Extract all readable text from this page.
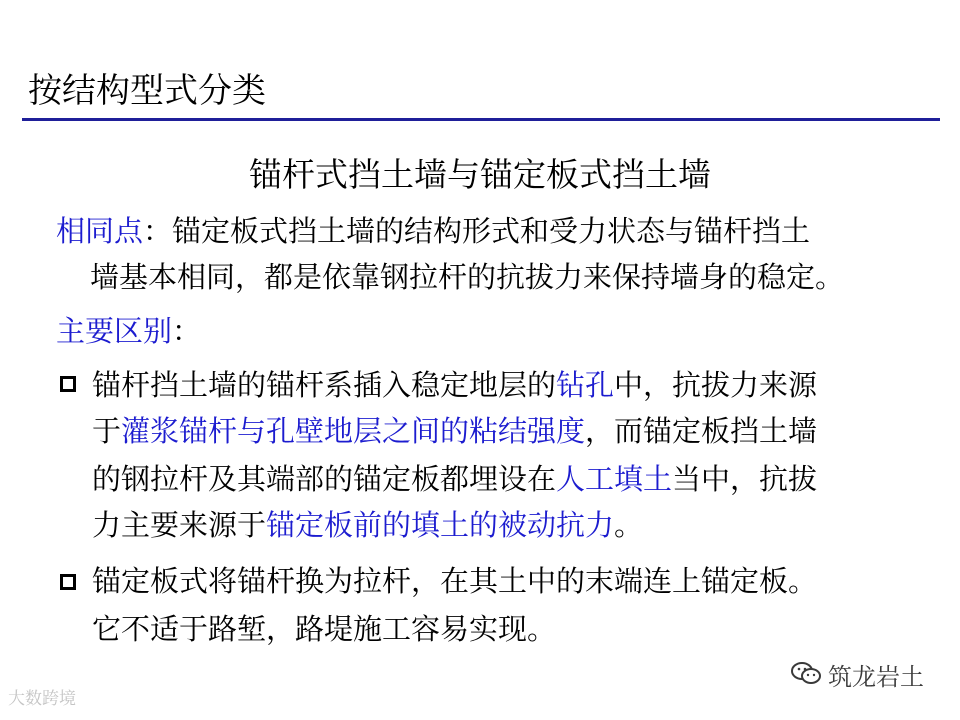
按结构型式分类
锚杆式挡土墙与锚定板式挡土墙
相同点：锚定板式挡土墙的结构形式和受力状态与锚杆挡土
墙基本相同，都是依靠钢拉杆的抗拔力来保持墙身的稳定。
主要区别：
锚杆挡土墙的锚杆系插入稳定地层的钻孔中，抗拔力来源
于灌浆锚杆与孔壁地层之间的粘结强度，而锚定板挡土墙
的钢拉杆及其端部的锚定板都埋设在人工填土当中，抗拔
力主要来源于锚定板前的填土的被动抗力。
锚定板式将锚杆换为拉杆，在其土中的末端连上锚定板。
它不适于路堑，路堤施工容易实现。
筑龙岩土
大数跨境
